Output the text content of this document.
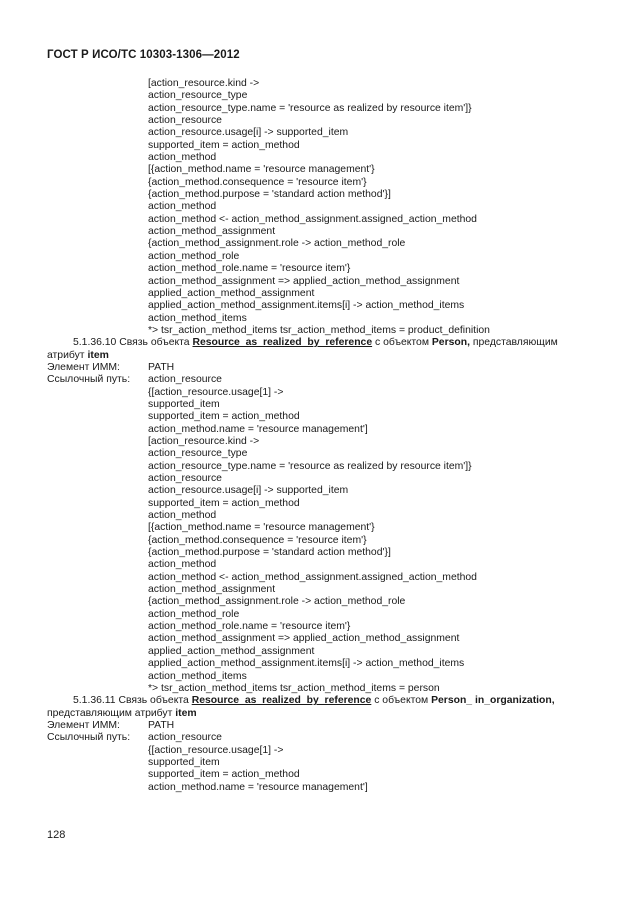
ГОСТ Р ИСО/ТС 10303-1306—2012
[action_resource.kind ->
action_resource_type
action_resource_type.name = 'resource as realized by resource item']}
action_resource
action_resource.usage[i] -> supported_item
supported_item = action_method
action_method
[{action_method.name = 'resource management'}
{action_method.consequence = 'resource item'}
{action_method.purpose = 'standard action method'}]
action_method
action_method <- action_method_assignment.assigned_action_method
action_method_assignment
{action_method_assignment.role -> action_method_role
action_method_role
action_method_role.name = 'resource item'}
action_method_assignment => applied_action_method_assignment
applied_action_method_assignment
applied_action_method_assignment.items[i] -> action_method_items
action_method_items
*> tsr_action_method_items tsr_action_method_items = product_definition
5.1.36.10 Связь объекта Resource_as_realized_by_reference с объектом Person, представляющим
атрибут item
Элемент ИММ:	PATH
Ссылочный путь: action_resource
{[action_resource.usage[1] ->
supported_item
supported_item = action_method
action_method.name = 'resource management']
[action_resource.kind ->
action_resource_type
action_resource_type.name = 'resource as realized by resource item']}
action_resource
action_resource.usage[i] -> supported_item
supported_item = action_method
action_method
[{action_method.name = 'resource management'}
{action_method.consequence = 'resource item'}
{action_method.purpose = 'standard action method'}]
action_method
action_method <- action_method_assignment.assigned_action_method
action_method_assignment
{action_method_assignment.role -> action_method_role
action_method_role
action_method_role.name = 'resource item'}
action_method_assignment => applied_action_method_assignment
applied_action_method_assignment
applied_action_method_assignment.items[i] -> action_method_items
action_method_items
*> tsr_action_method_items tsr_action_method_items = person
5.1.36.11 Связь объекта Resource_as_realized_by_reference с объектом Person_ in_organization,
представляющим атрибут item
Элемент ИММ:	PATH
Ссылочный путь: action_resource
{[action_resource.usage[1] ->
supported_item
supported_item = action_method
action_method.name = 'resource management']
128
